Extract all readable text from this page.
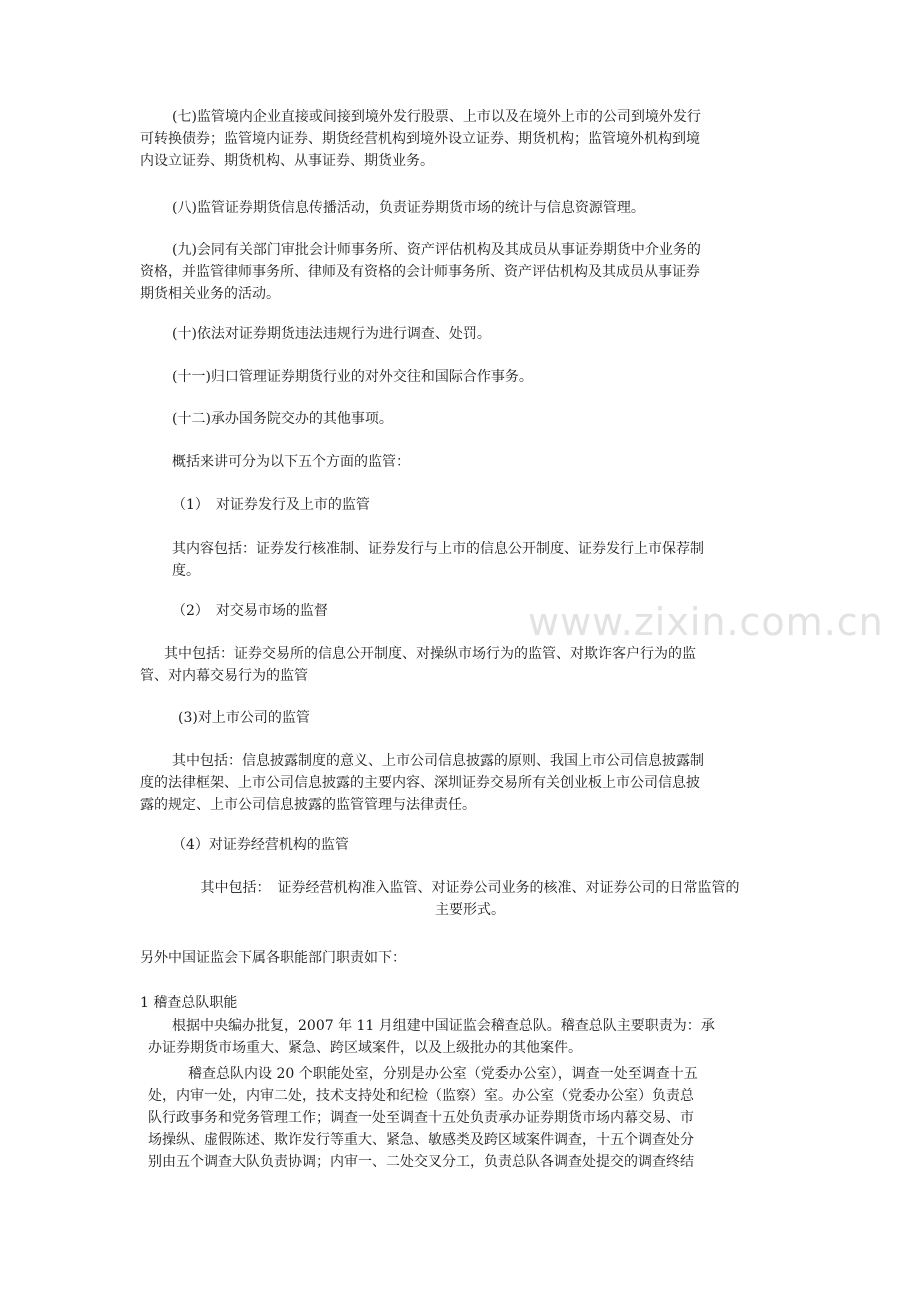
www.zixin.com.cn
(七)监管境内企业直接或间接到境外发行股票、上市以及在境外上市的公司到境外发行
可转换债券；监管境内证券、期货经营机构到境外设立证券、期货机构；监管境外机构到境
内设立证券、期货机构、从事证券、期货业务。
(八)监管证券期货信息传播活动，负责证券期货市场的统计与信息资源管理。
(九)会同有关部门审批会计师事务所、资产评估机构及其成员从事证券期货中介业务的
资格，并监管律师事务所、律师及有资格的会计师事务所、资产评估机构及其成员从事证券
期货相关业务的活动。
(十)依法对证券期货违法违规行为进行调查、处罚。
(十一)归口管理证券期货行业的对外交往和国际合作事务。
(十二)承办国务院交办的其他事项。
概括来讲可分为以下五个方面的监管：
（1）　对证券发行及上市的监管
其内容包括：证券发行核准制、证券发行与上市的信息公开制度、证券发行上市保荐制
度。
（2）　对交易市场的监督
其中包括：证券交易所的信息公开制度、对操纵市场行为的监管、对欺诈客户行为的监
管、对内幕交易行为的监管
(3)对上市公司的监管
其中包括：信息披露制度的意义、上市公司信息披露的原则、我国上市公司信息披露制
度的法律框架、上市公司信息披露的主要内容、深圳证券交易所有关创业板上市公司信息披
露的规定、上市公司信息披露的监管管理与法律责任。
（4）对证券经营机构的监管
其中包括：　证券经营机构准入监管、对证券公司业务的核准、对证券公司的日常监管的
主要形式。
另外中国证监会下属各职能部门职责如下：
1 稽查总队职能
根据中央编办批复，2007 年 11 月组建中国证监会稽查总队。稽查总队主要职责为：承
办证券期货市场重大、紧急、跨区域案件，以及上级批办的其他案件。
稽查总队内设 20 个职能处室，分别是办公室（党委办公室），调查一处至调查十五
处，内审一处，内审二处，技术支持处和纪检（监察）室。办公室（党委办公室）负责总
队行政事务和党务管理工作；调查一处至调查十五处负责承办证券期货市场内幕交易、市
场操纵、虚假陈述、欺诈发行等重大、紧急、敏感类及跨区域案件调查，十五个调查处分
别由五个调查大队负责协调；内审一、二处交叉分工，负责总队各调查处提交的调查终结
